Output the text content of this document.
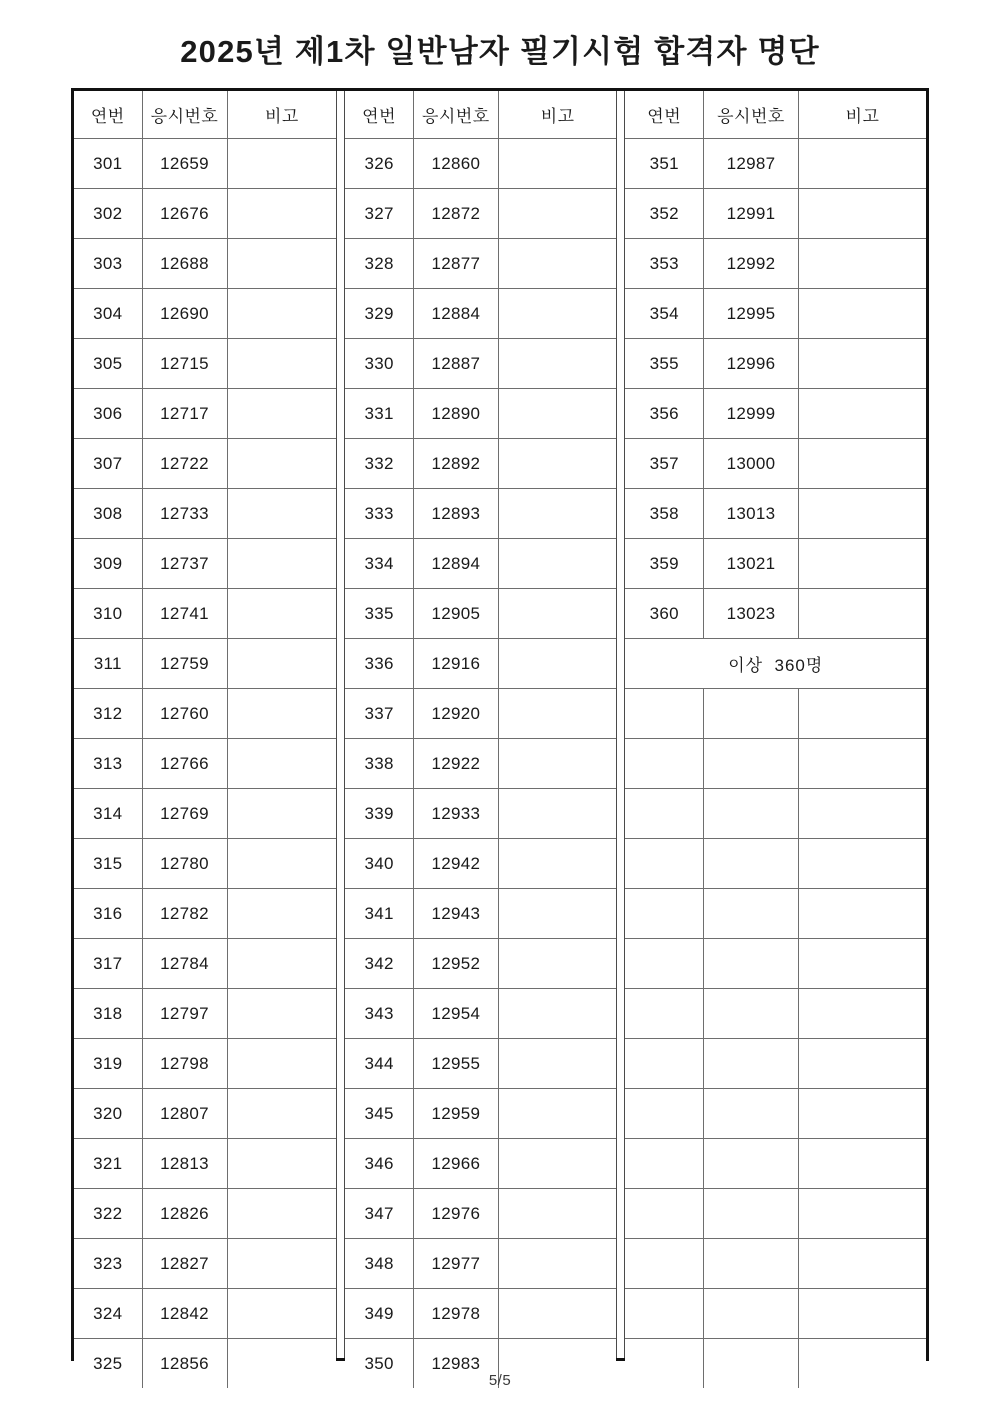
2025년 제1차 일반남자 필기시험 합격자 명단
연번	응시번호	비고
301	12659	
302	12676	
303	12688	
304	12690	
305	12715	
306	12717	
307	12722	
308	12733	
309	12737	
310	12741	
311	12759	
312	12760	
313	12766	
314	12769	
315	12780	
316	12782	
317	12784	
318	12797	
319	12798	
320	12807	
321	12813	
322	12826	
323	12827	
324	12842	
325	12856	
연번	응시번호	비고
326	12860	
327	12872	
328	12877	
329	12884	
330	12887	
331	12890	
332	12892	
333	12893	
334	12894	
335	12905	
336	12916	
337	12920	
338	12922	
339	12933	
340	12942	
341	12943	
342	12952	
343	12954	
344	12955	
345	12959	
346	12966	
347	12976	
348	12977	
349	12978	
350	12983	
연번	응시번호	비고
351	12987	
352	12991	
353	12992	
354	12995	
355	12996	
356	12999	
357	13000	
358	13013	
359	13021	
360	13023	
이상  360명		

5/5
